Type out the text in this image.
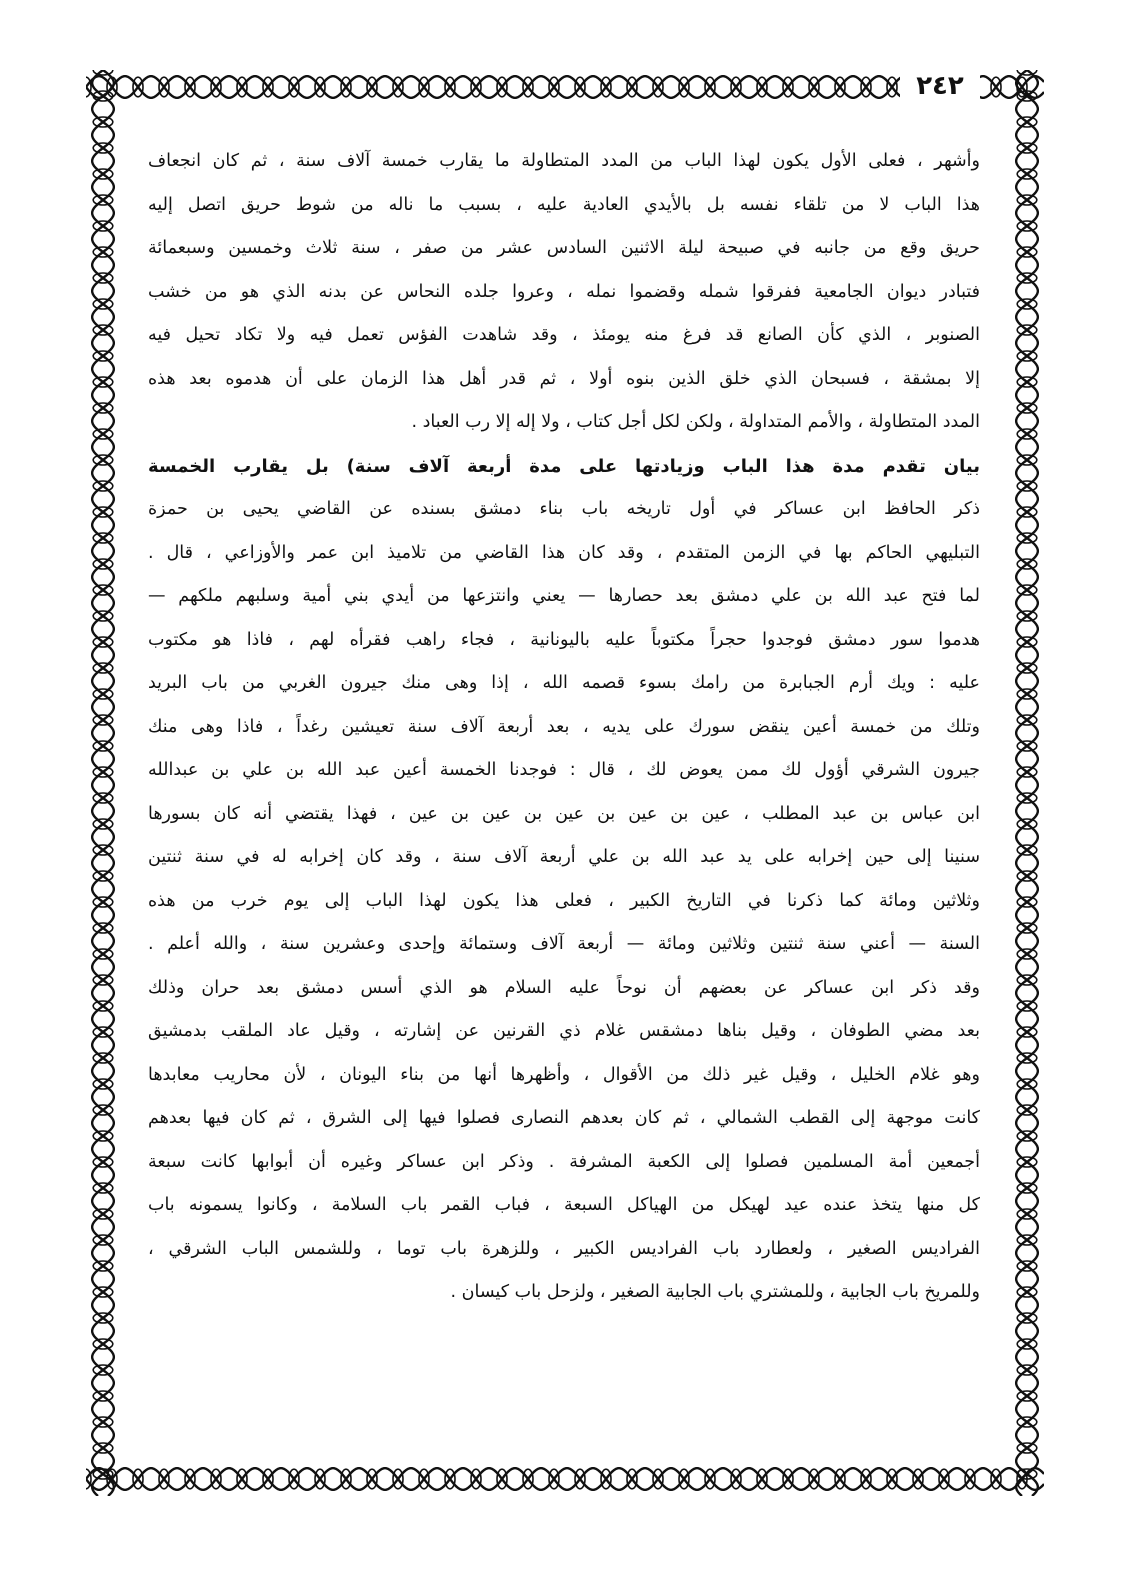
٢٤٢
وأشهر ، فعلى الأول يكون لهذا الباب من المدد المتطاولة ما يقارب خمسة آلاف سنة ، ثم كان انجعاف
هذا الباب لا من تلقاء نفسه بل بالأيدي العادية عليه ، بسبب ما ناله من شوط حريق اتصل إليه
حريق وقع من جانبه في صبيحة ليلة الاثنين السادس عشر من صفر ، سنة ثلاث وخمسين وسبعمائة
فتبادر ديوان الجامعية ففرقوا شمله وقضموا نمله ، وعروا جلده النحاس عن بدنه الذي هو من خشب
الصنوبر ، الذي كأن الصانع قد فرغ منه يومئذ ، وقد شاهدت الفؤس تعمل فيه ولا تكاد تحيل فيه
إلا بمشقة ، فسبحان الذي خلق الذين بنوه أولا ، ثم قدر أهل هذا الزمان على أن هدموه بعد هذه
المدد المتطاولة ، والأمم المتداولة ، ولكن لكل أجل كتاب ، ولا إله إلا رب العباد .
بيان تقدم مدة هذا الباب وزيادتها على مدة أربعة آلاف سنة) بل يقارب الخمسة
ذكر الحافظ ابن عساكر في أول تاريخه باب بناء دمشق بسنده عن القاضي يحيى بن حمزة
التبليهي الحاكم بها في الزمن المتقدم ، وقد كان هذا القاضي من تلاميذ ابن عمر والأوزاعي ، قال .
لما فتح عبد الله بن علي دمشق بعد حصارها — يعني وانتزعها من أيدي بني أمية وسلبهم ملكهم —
هدموا سور دمشق فوجدوا حجراً مكتوباً عليه باليونانية ، فجاء راهب فقرأه لهم ، فاذا هو مكتوب
عليه : ويك أرم الجبابرة من رامك بسوء قصمه الله ، إذا وهى منك جيرون الغربي من باب البريد
وتلك من خمسة أعين ينقض سورك على يديه ، بعد أربعة آلاف سنة تعيشين رغداً ، فاذا وهى منك
جيرون الشرقي أؤول لك ممن يعوض لك ، قال : فوجدنا الخمسة أعين عبد الله بن علي بن عبدالله
ابن عباس بن عبد المطلب ، عين بن عين بن عين بن عين بن عين ، فهذا يقتضي أنه كان بسورها
سنينا إلى حين إخرابه على يد عبد الله بن علي أربعة آلاف سنة ، وقد كان إخرابه له في سنة ثنتين
وثلاثين ومائة كما ذكرنا في التاريخ الكبير ، فعلى هذا يكون لهذا الباب إلى يوم خرب من هذه
السنة — أعني سنة ثنتين وثلاثين ومائة — أربعة آلاف وستمائة وإحدى وعشرين سنة ، والله أعلم .
وقد ذكر ابن عساكر عن بعضهم أن نوحاً عليه السلام هو الذي أسس دمشق بعد حران وذلك
بعد مضي الطوفان ، وقيل بناها دمشقس غلام ذي القرنين عن إشارته ، وقيل عاد الملقب بدمشيق
وهو غلام الخليل ، وقيل غير ذلك من الأقوال ، وأظهرها أنها من بناء اليونان ، لأن محاريب معابدها
كانت موجهة إلى القطب الشمالي ، ثم كان بعدهم النصارى فصلوا فيها إلى الشرق ، ثم كان فيها بعدهم
أجمعين أمة المسلمين فصلوا إلى الكعبة المشرفة . وذكر ابن عساكر وغيره أن أبوابها كانت سبعة
كل منها يتخذ عنده عيد لهيكل من الهياكل السبعة ، فباب القمر باب السلامة ، وكانوا يسمونه باب
الفراديس الصغير ، ولعطارد باب الفراديس الكبير ، وللزهرة باب توما ، وللشمس الباب الشرقي ،
وللمريخ باب الجابية ، وللمشتري باب الجابية الصغير ، ولزحل باب كيسان .
